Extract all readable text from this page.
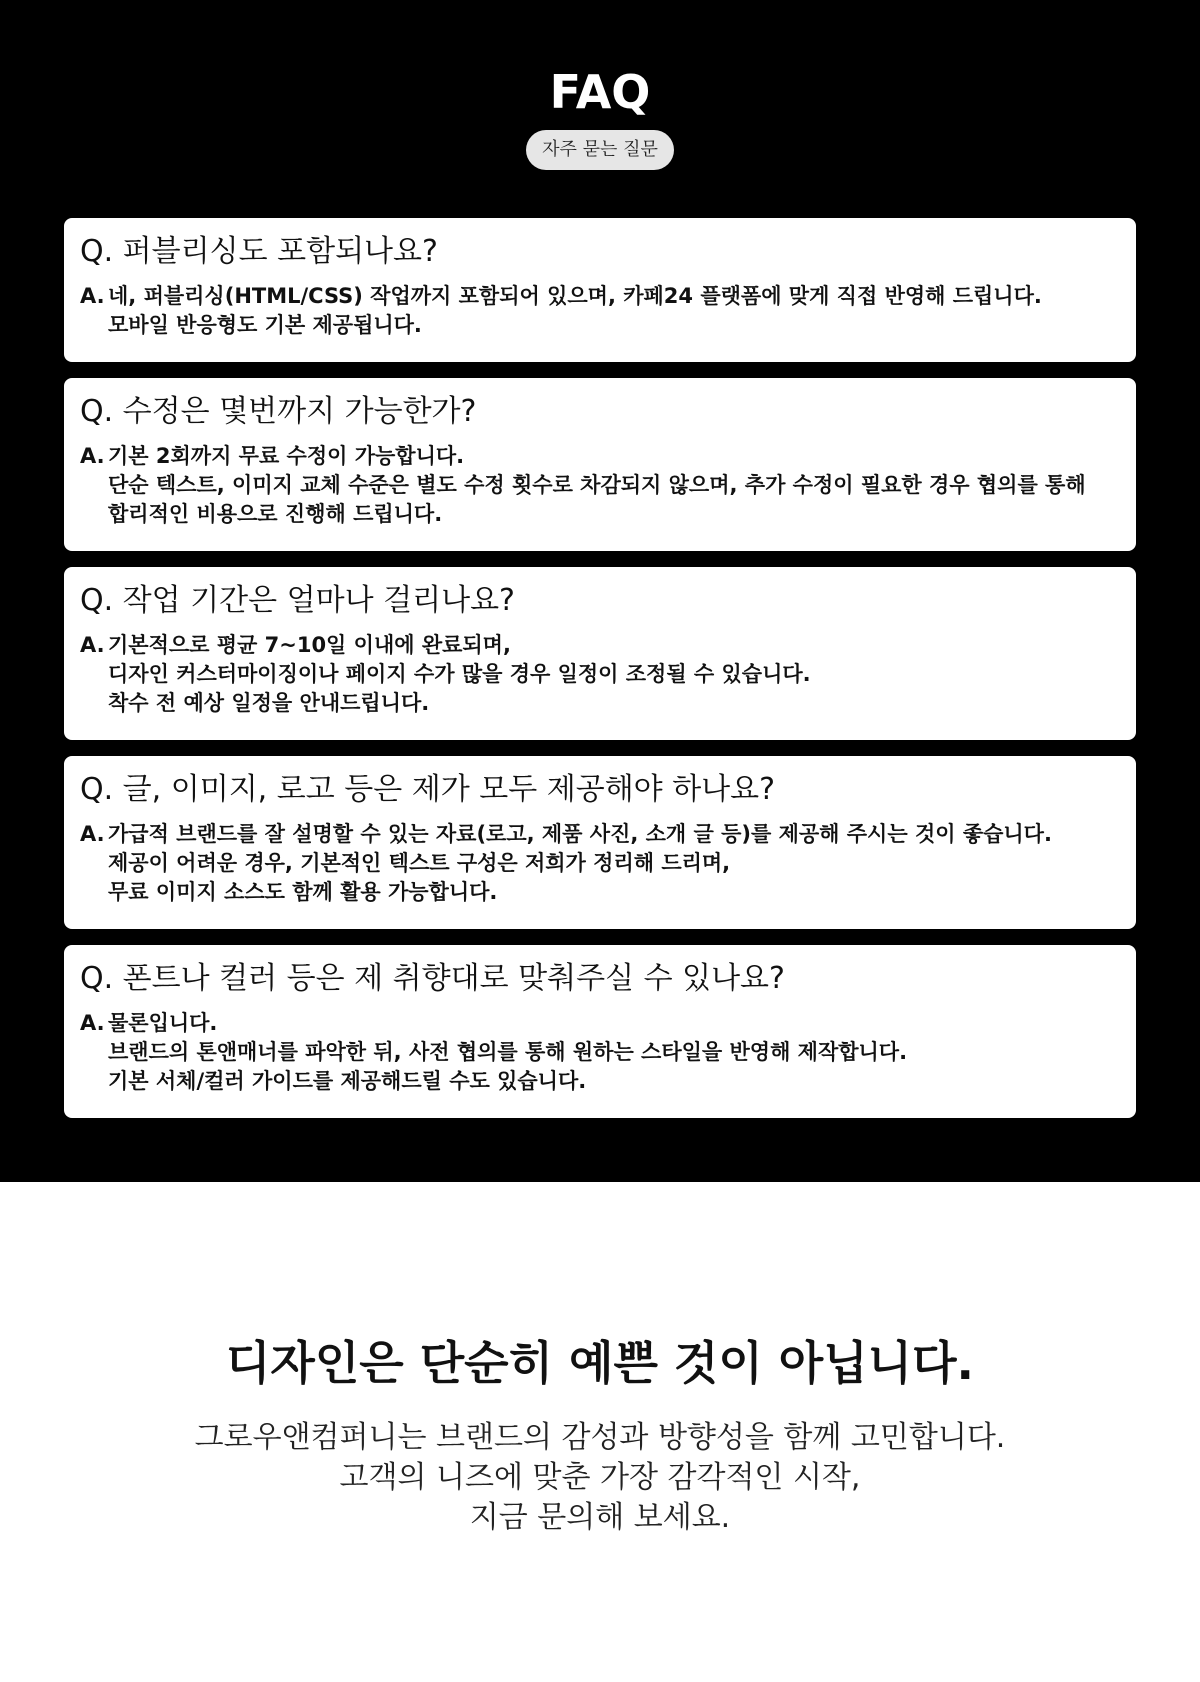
FAQ
자주 묻는 질문
Q. 퍼블리싱도 포함되나요?
A. 네, 퍼블리싱(HTML/CSS) 작업까지 포함되어 있으며, 카페24 플랫폼에 맞게 직접 반영해 드립니다.
모바일 반응형도 기본 제공됩니다.
Q. 수정은 몇번까지 가능한가?
A. 기본 2회까지 무료 수정이 가능합니다.
단순 텍스트, 이미지 교체 수준은 별도 수정 횟수로 차감되지 않으며, 추가 수정이 필요한 경우 협의를 통해
합리적인 비용으로 진행해 드립니다.
Q. 작업 기간은 얼마나 걸리나요?
A. 기본적으로 평균 7~10일 이내에 완료되며,
디자인 커스터마이징이나 페이지 수가 많을 경우 일정이 조정될 수 있습니다.
착수 전 예상 일정을 안내드립니다.
Q. 글, 이미지, 로고 등은 제가 모두 제공해야 하나요?
A. 가급적 브랜드를 잘 설명할 수 있는 자료(로고, 제품 사진, 소개 글 등)를 제공해 주시는 것이 좋습니다.
제공이 어려운 경우, 기본적인 텍스트 구성은 저희가 정리해 드리며,
무료 이미지 소스도 함께 활용 가능합니다.
Q. 폰트나 컬러 등은 제 취향대로 맞춰주실 수 있나요?
A. 물론입니다.
브랜드의 톤앤매너를 파악한 뒤, 사전 협의를 통해 원하는 스타일을 반영해 제작합니다.
기본 서체/컬러 가이드를 제공해드릴 수도 있습니다.
디자인은 단순히 예쁜 것이 아닙니다.
그로우앤컴퍼니는 브랜드의 감성과 방향성을 함께 고민합니다.
고객의 니즈에 맞춘 가장 감각적인 시작,
지금 문의해 보세요.
